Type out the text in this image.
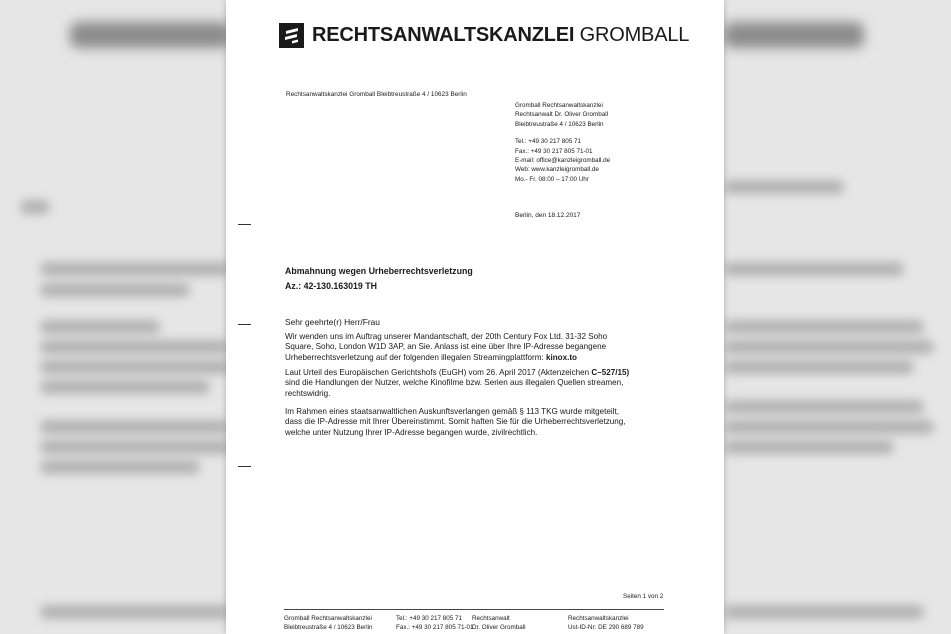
RECHTSANWALTSKANZLEI GROMBALL
Rechtsanwaltskanzlei Gromball Bleibtreustraße 4 / 10623 Berlin
Gromball Rechtsanwaltskanzlei
Rechtsanwalt Dr. Oliver Gromball
Bleibtreustraße 4 / 10623 Berlin
Tel.: +49 30 217 805 71
Fax.: +49 30 217 805 71-01
E-mail: office@kanzleigromball.de
Web: www.kanzleigromball.de
Mo.- Fr. 08:00 – 17:00 Uhr
Berlin, den 18.12.2017
Abmahnung wegen Urheberrechtsverletzung
Az.: 42-130.163019 TH
Sehr geehrte(r) Herr/Frau
Wir wenden uns im Auftrag unserer Mandantschaft, der 20th Century Fox Ltd. 31-32 Soho
Square, Soho, London W1D 3AP, an Sie. Anlass ist eine über Ihre IP-Adresse begangene
Urheberrechtsverletzung auf der folgenden illegalen Streamingplattform: kinox.to
Laut Urteil des Europäischen Gerichtshofs (EuGH) vom 26. April 2017 (Aktenzeichen C–527/15)
sind die Handlungen der Nutzer, welche Kinofilme bzw. Serien aus illegalen Quellen streamen,
rechtswidrig.
Im Rahmen eines staatsanwaltlichen Auskunftsverlangen gemäß § 113 TKG wurde mitgeteilt,
dass die IP-Adresse mit Ihrer Übereinstimmt. Somit haften Sie für die Urheberrechtsverletzung,
welche unter Nutzung Ihrer IP-Adresse begangen wurde, zivilrechtlich.
Seiten 1 von 2
Gromball Rechtsanwaltskanzlei
Bleibtreustraße 4 / 10623 Berlin
Tel.: +49 30 217 805 71
Fax.: +49 30 217 805 71-01
Rechtsanwalt
Dr. Oliver Gromball
Rechtsanwaltskanzlei
Ust-ID-Nr: DE 290 689 789
